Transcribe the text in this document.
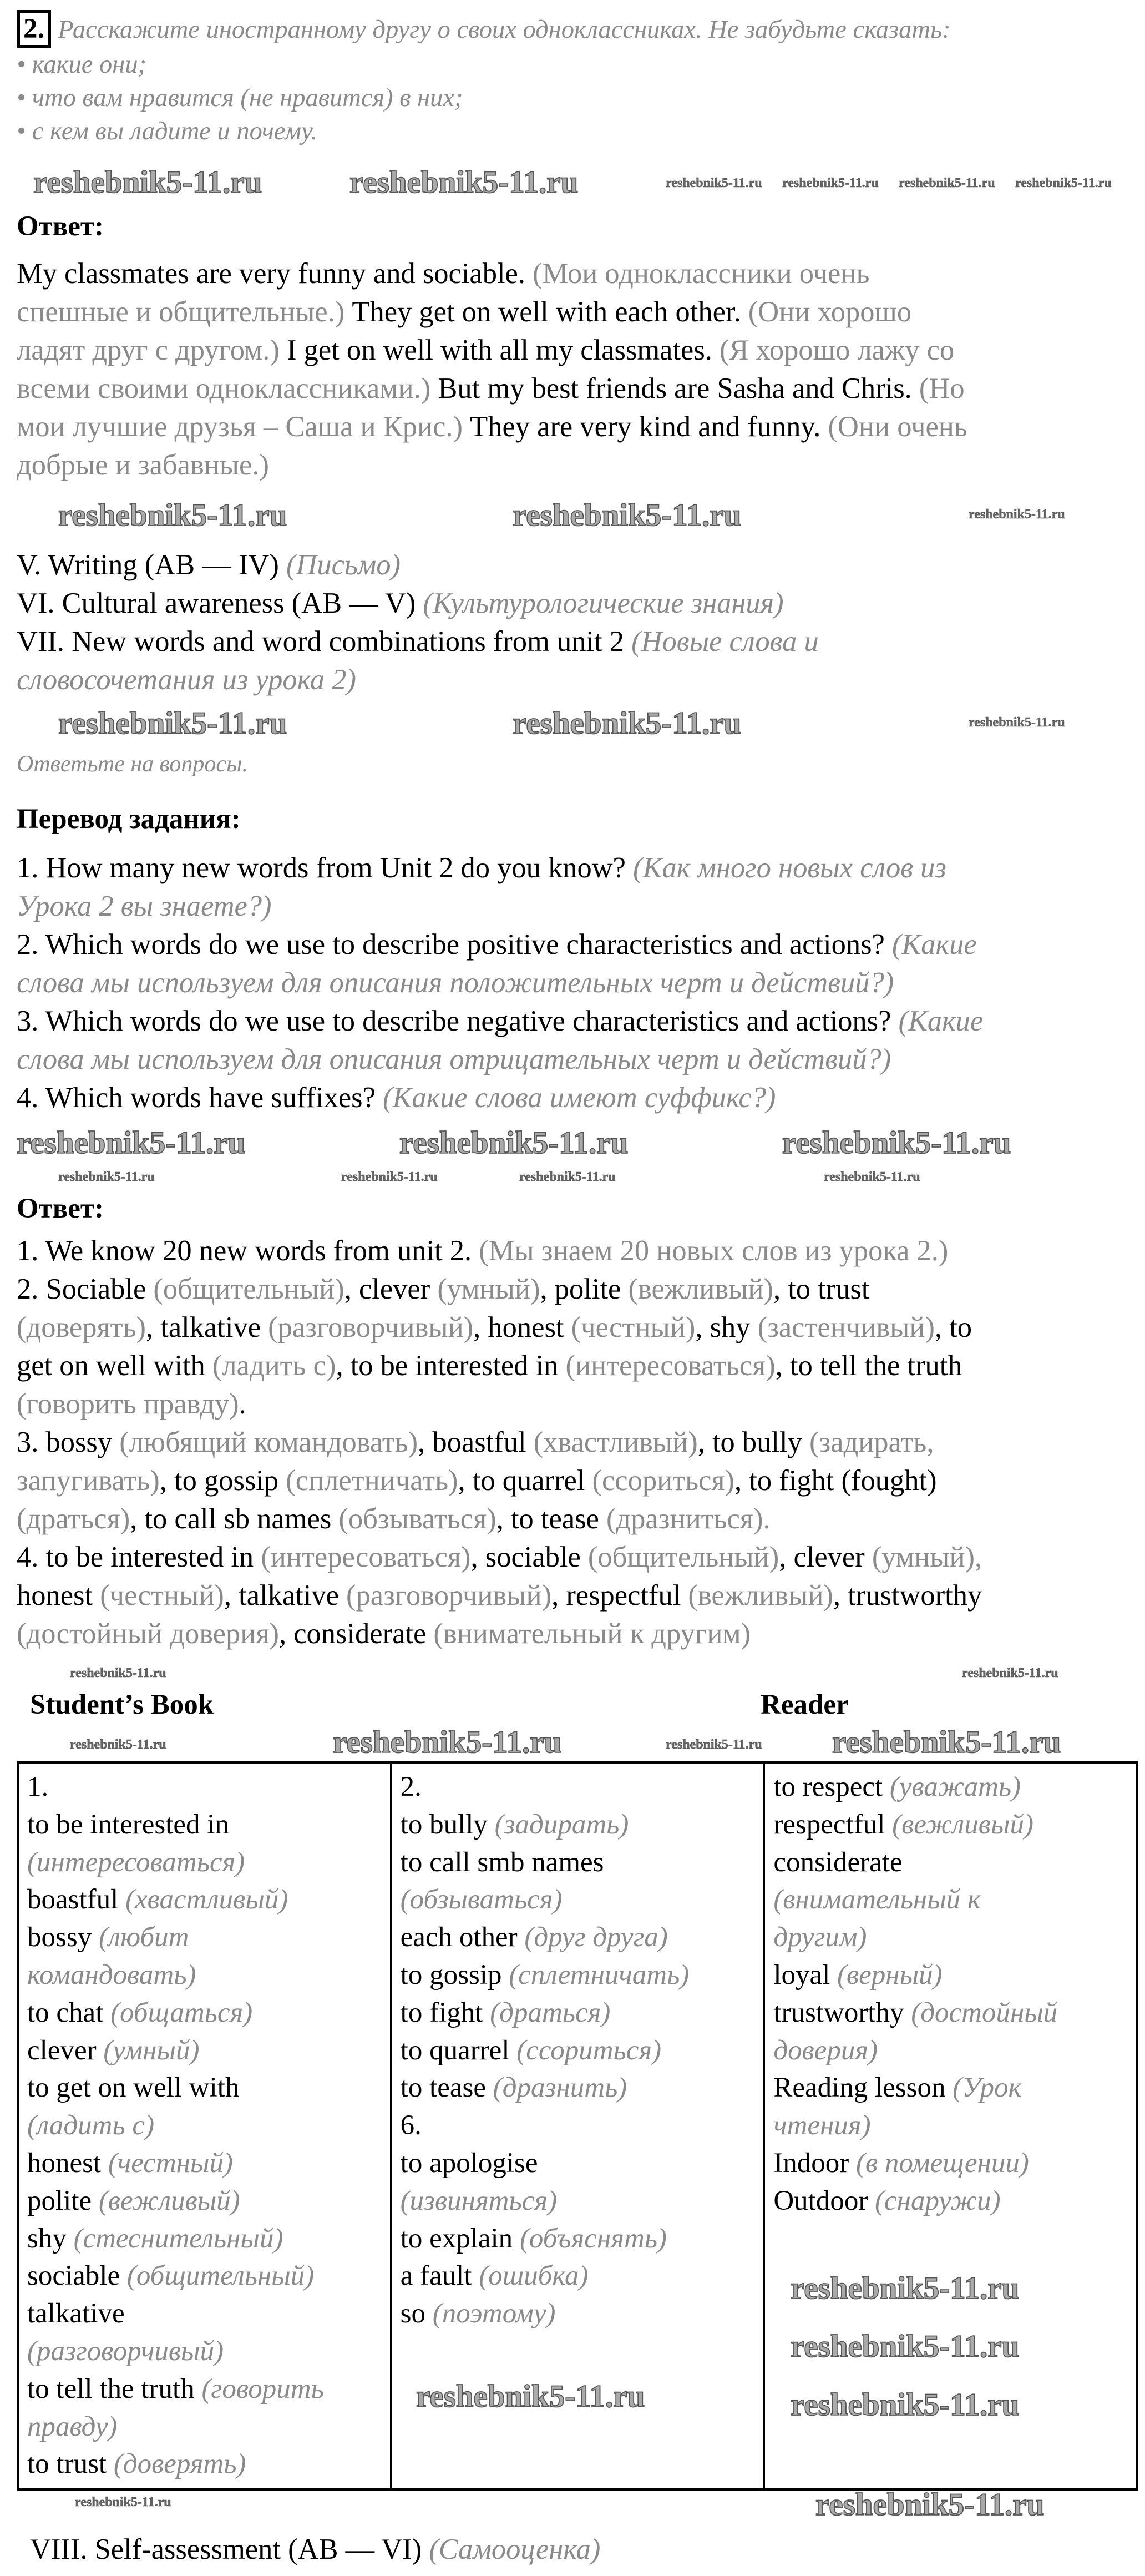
2. Расскажите иностранному другу о своих одноклассниках. Не забудьте сказать:
• какие они;
• что вам нравится (не нравится) в них;
• с кем вы ладите и почему.
Ответ:
My classmates are very funny and sociable. (Мои одноклассники очень
спешные и общительные.) They get on well with each other. (Они хорошо
ладят друг с другом.) I get on well with all my classmates. (Я хорошо лажу со
всеми своими одноклассниками.) But my best friends are Sasha and Chris. (Но
мои лучшие друзья – Саша и Крис.) They are very kind and funny. (Они очень
добрые и забавные.)
V. Writing (AB — IV) (Письмо)
VI. Cultural awareness (AB — V) (Культурологические знания)
VII. New words and word combinations from unit 2 (Новые слова и
словосочетания из урока 2)
Ответьте на вопросы.
Перевод задания:
1. How many new words from Unit 2 do you know? (Как много новых слов из
Урока 2 вы знаете?)
2. Which words do we use to describe positive characteristics and actions? (Какие
слова мы используем для описания положительных черт и действий?)
3. Which words do we use to describe negative characteristics and actions? (Какие
слова мы используем для описания отрицательных черт и действий?)
4. Which words have suffixes? (Какие слова имеют суффикс?)
Ответ:
1. We know 20 new words from unit 2. (Мы знаем 20 новых слов из урока 2.)
2. Sociable (общительный), clever (умный), polite (вежливый), to trust
(доверять), talkative (разговорчивый), honest (честный), shy (застенчивый), to
get on well with (ладить с), to be interested in (интересоваться), to tell the truth
(говорить правду).
3. bossy (любящий командовать), boastful (хвастливый), to bully (задирать,
запугивать), to gossip (сплетничать), to quarrel (ссориться), to fight (fought)
(драться), to call sb names (обзываться), to tease (дразниться).
4. to be interested in (интересоваться), sociable (общительный), clever (умный),
honest (честный), talkative (разговорчивый), respectful (вежливый), trustworthy
(достойный доверия), considerate (внимательный к другим)
Student’s Book	Reader
1.
to be interested in
(интересоваться)
boastful (хвастливый)
bossy (любит
командовать)
to chat (общаться)
clever (умный)
to get on well with
(ладить с)
honest (честный)
polite (вежливый)
shy (стеснительный)
sociable (общительный)
talkative
(разговорчивый)
to tell the truth (говорить
правду)
to trust (доверять)

2.
to bully (задирать)
to call smb names
(обзываться)
each other (друг друга)
to gossip (сплетничать)
to fight (драться)
to quarrel (ссориться)
to tease (дразнить)
6.
to apologise
(извиняться)
to explain (объяснять)
a fault (ошибка)
so (поэтому)

to respect (уважать)
respectful (вежливый)
considerate
(внимательный к
другим)
loyal (верный)
trustworthy (достойный
доверия)
Reading lesson (Урок
чтения)
Indoor (в помещении)
Outdoor (снаружи)
VIII. Self-assessment (AB — VI) (Самооценка)
reshebnik5-11.ru	reshebnik5-11.ru
reshebnik5-11.ru	reshebnik5-11.ru
reshebnik5-11.ru	reshebnik5-11.ru
reshebnik5-11.ru	reshebnik5-11.ru	reshebnik5-11.ru
reshebnik5-11.ru	reshebnik5-11.ru
reshebnik5-11.ru
reshebnik5-11.ru
reshebnik5-11.ru
reshebnik5-11.ru
reshebnik5-11.ru
reshebnik5-11.ru	reshebnik5-11.ru	reshebnik5-11.ru	reshebnik5-11.ru
reshebnik5-11.ru
reshebnik5-11.ru
reshebnik5-11.ru	reshebnik5-11.ru	reshebnik5-11.ru	reshebnik5-11.ru
reshebnik5-11.ru	reshebnik5-11.ru
reshebnik5-11.ru	reshebnik5-11.ru
reshebnik5-11.ru
